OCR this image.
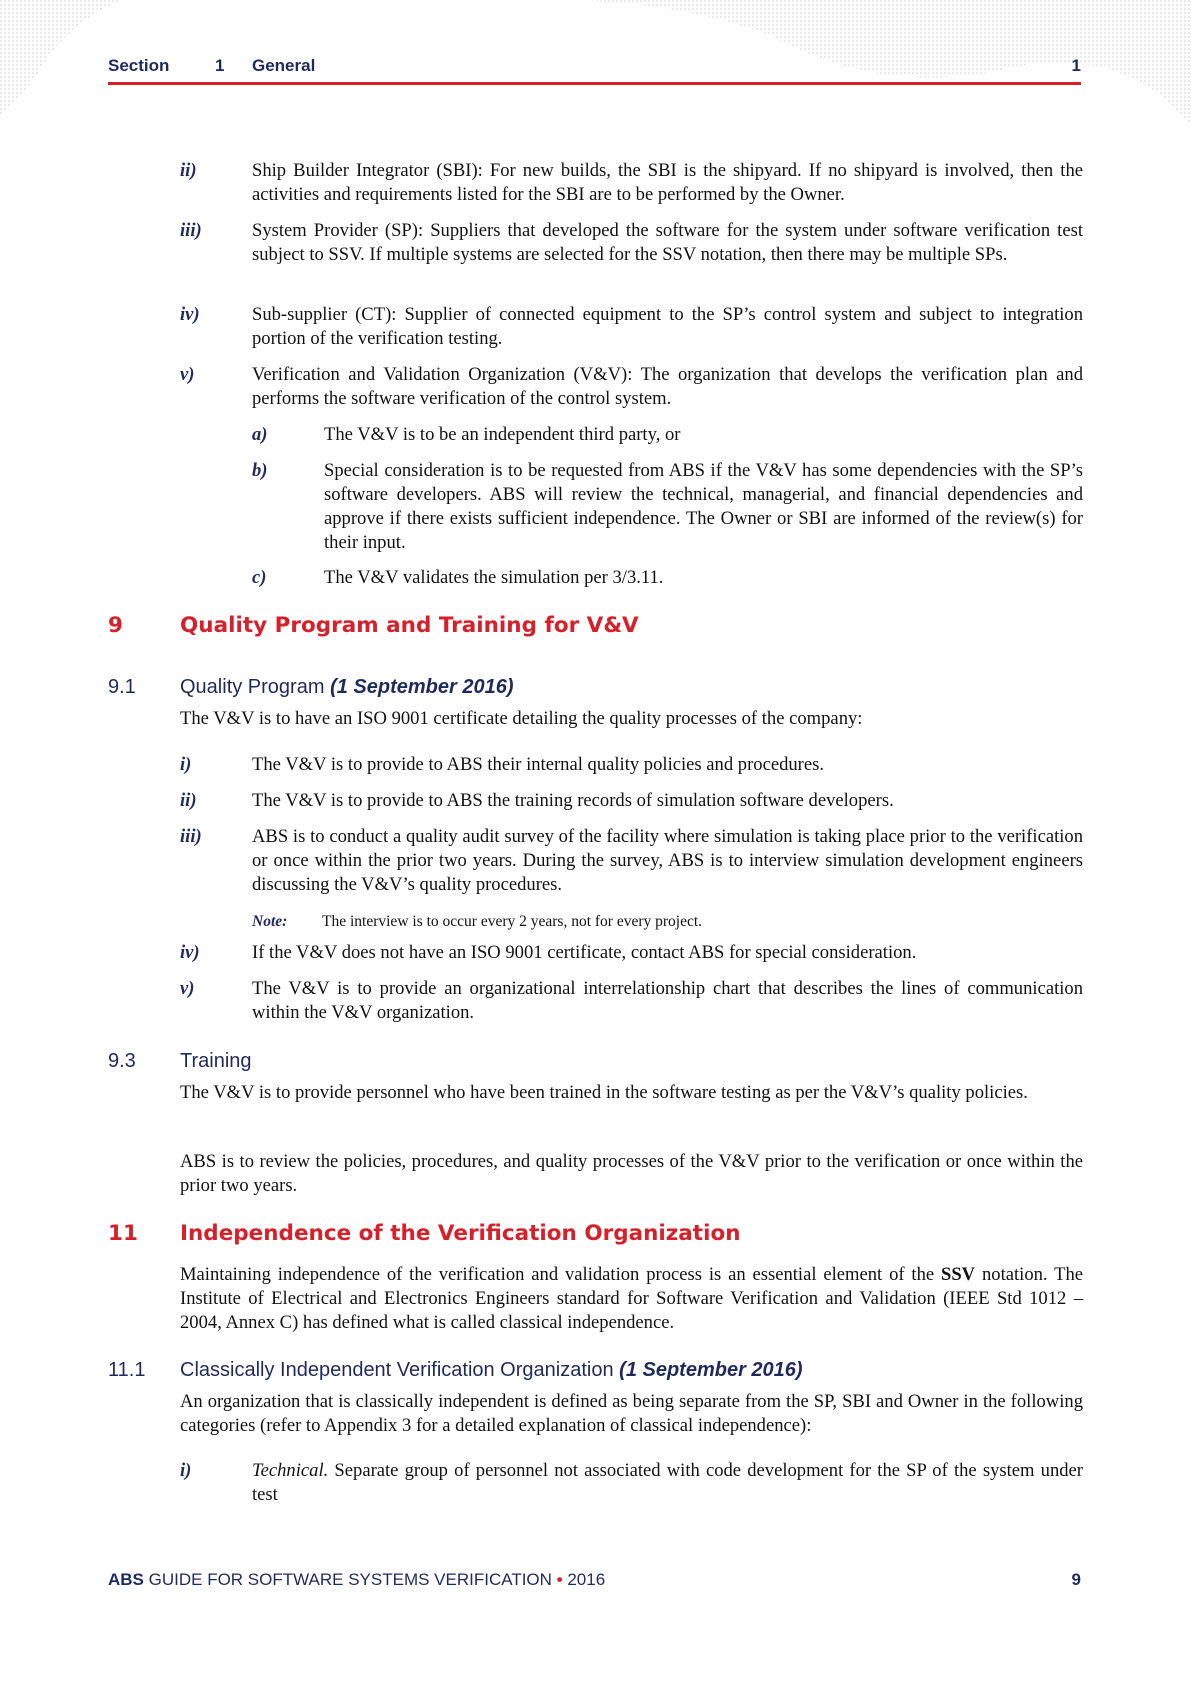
Section	1 General	1
ii)	Ship Builder Integrator (SBI): For new builds, the SBI is the shipyard. If no shipyard is involved, then the activities and requirements listed for the SBI are to be performed by the Owner.
iii)	System Provider (SP): Suppliers that developed the software for the system under software verification test subject to SSV. If multiple systems are selected for the SSV notation, then there may be multiple SPs.
iv)	Sub-supplier (CT): Supplier of connected equipment to the SP’s control system and subject to integration portion of the verification testing.
v)	Verification and Validation Organization (V&V): The organization that develops the verification plan and performs the software verification of the control system.
a)	The V&V is to be an independent third party, or
b)	Special consideration is to be requested from ABS if the V&V has some dependencies with the SP’s software developers. ABS will review the technical, managerial, and financial dependencies and approve if there exists sufficient independence. The Owner or SBI are informed of the review(s) for their input.
c)	The V&V validates the simulation per 3/3.11.
9	Quality Program and Training for V&V
9.1 Quality Program (1 September 2016)
The V&V is to have an ISO 9001 certificate detailing the quality processes of the company:
i)	The V&V is to provide to ABS their internal quality policies and procedures.
ii)	The V&V is to provide to ABS the training records of simulation software developers.
iii)	ABS is to conduct a quality audit survey of the facility where simulation is taking place prior to the verification or once within the prior two years. During the survey, ABS is to interview simulation development engineers discussing the V&V’s quality procedures.
Note: The interview is to occur every 2 years, not for every project.
iv)	If the V&V does not have an ISO 9001 certificate, contact ABS for special consideration.
v)	The V&V is to provide an organizational interrelationship chart that describes the lines of communication within the V&V organization.
9.3 Training
The V&V is to provide personnel who have been trained in the software testing as per the V&V’s quality policies.
ABS is to review the policies, procedures, and quality processes of the V&V prior to the verification or once within the prior two years.
11 Independence of the Verification Organization
Maintaining independence of the verification and validation process is an essential element of the SSV notation. The Institute of Electrical and Electronics Engineers standard for Software Verification and Validation (IEEE Std 1012 – 2004, Annex C) has defined what is called classical independence.
11.1 Classically Independent Verification Organization (1 September 2016)
An organization that is classically independent is defined as being separate from the SP, SBI and Owner in the following categories (refer to Appendix 3 for a detailed explanation of classical independence):
i)	Technical. Separate group of personnel not associated with code development for the SP of the system under test
ABS GUIDE FOR SOFTWARE SYSTEMS VERIFICATION • 2016	9
